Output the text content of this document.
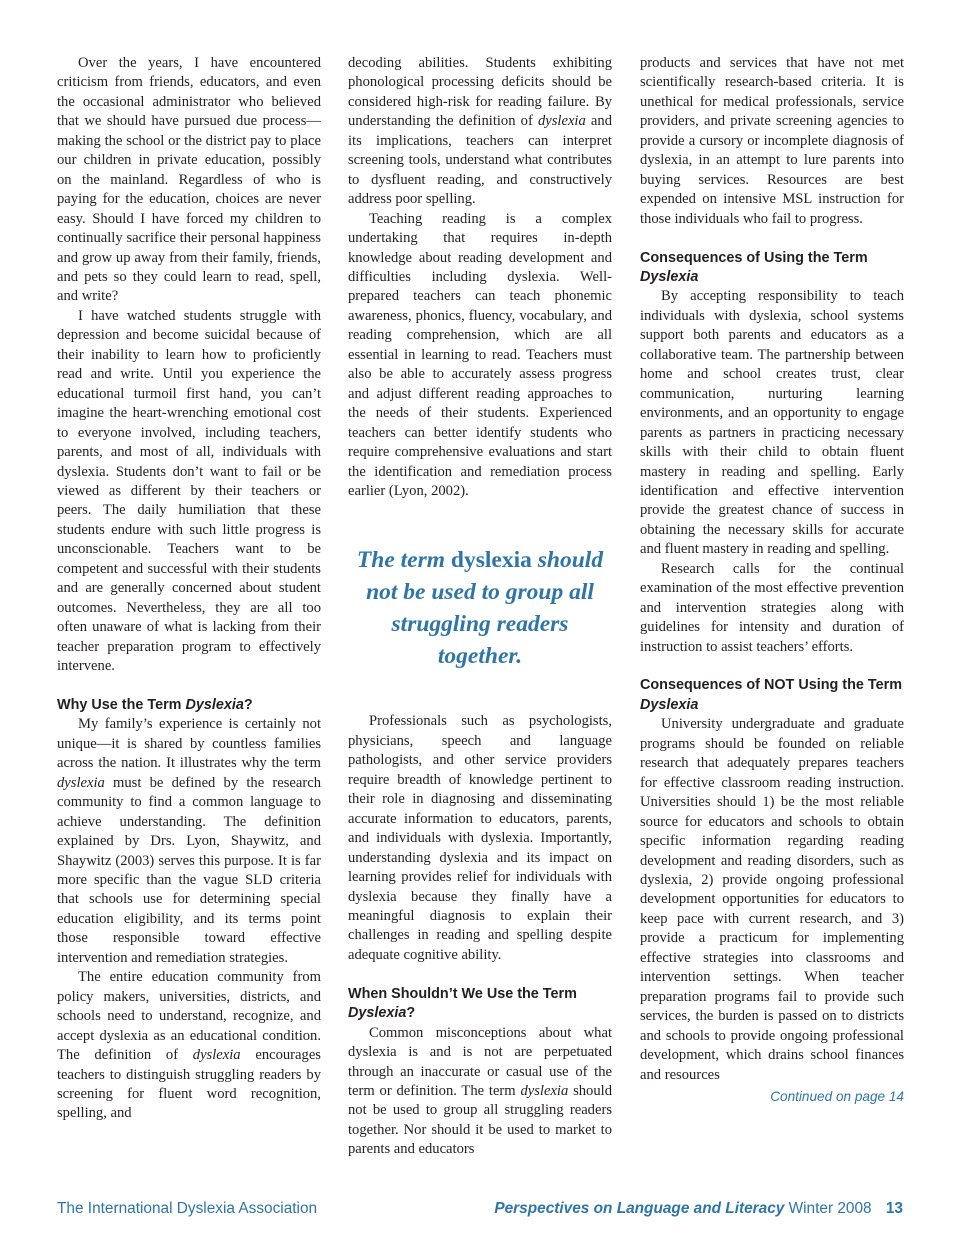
Over the years, I have encountered criticism from friends, educators, and even the occasional administrator who believed that we should have pursued due process—making the school or the district pay to place our children in private education, possibly on the mainland. Regardless of who is paying for the education, choices are never easy. Should I have forced my children to continually sacrifice their personal happiness and grow up away from their family, friends, and pets so they could learn to read, spell, and write?

I have watched students struggle with depression and become suicidal because of their inability to learn how to proficiently read and write. Until you experience the educational turmoil first hand, you can’t imagine the heart-wrenching emotional cost to everyone involved, including teachers, parents, and most of all, individuals with dyslexia. Students don’t want to fail or be viewed as different by their teachers or peers. The daily humiliation that these students endure with such little progress is unconscionable. Teachers want to be competent and successful with their students and are generally concerned about student outcomes. Nevertheless, they are all too often unaware of what is lacking from their teacher preparation program to effectively intervene.

Why Use the Term Dyslexia?

My family’s experience is certainly not unique—it is shared by countless families across the nation. It illustrates why the term dyslexia must be defined by the research community to find a common language to achieve understanding. The definition explained by Drs. Lyon, Shaywitz, and Shaywitz (2003) serves this purpose. It is far more specific than the vague SLD criteria that schools use for determining special education eligibility, and its terms point those responsible toward effective intervention and remediation strategies.

The entire education community from policy makers, universities, districts, and schools need to understand, recognize, and accept dyslexia as an educational condition. The definition of dyslexia encourages teachers to distinguish struggling readers by screening for fluent word recognition, spelling, and

decoding abilities. Students exhibiting phonological processing deficits should be considered high-risk for reading failure. By understanding the definition of dyslexia and its implications, teachers can interpret screening tools, understand what contributes to dysfluent reading, and constructively address poor spelling.

Teaching reading is a complex undertaking that requires in-depth knowledge about reading development and difficulties including dyslexia. Well-prepared teachers can teach phonemic awareness, phonics, fluency, vocabulary, and reading comprehension, which are all essential in learning to read. Teachers must also be able to accurately assess progress and adjust different reading approaches to the needs of their students. Experienced teachers can better identify students who require comprehensive evaluations and start the identification and remediation process earlier (Lyon, 2002).

The term dyslexia should not be used to group all struggling readers together.

Professionals such as psychologists, physicians, speech and language pathologists, and other service providers require breadth of knowledge pertinent to their role in diagnosing and disseminating accurate information to educators, parents, and individuals with dyslexia. Importantly, understanding dyslexia and its impact on learning provides relief for individuals with dyslexia because they finally have a meaningful diagnosis to explain their challenges in reading and spelling despite adequate cognitive ability.

When Shouldn’t We Use the Term Dyslexia?

Common misconceptions about what dyslexia is and is not are perpetuated through an inaccurate or casual use of the term or definition. The term dyslexia should not be used to group all struggling readers together. Nor should it be used to market to parents and educators

products and services that have not met scientifically research-based criteria. It is unethical for medical professionals, service providers, and private screening agencies to provide a cursory or incomplete diagnosis of dyslexia, in an attempt to lure parents into buying services. Resources are best expended on intensive MSL instruction for those individuals who fail to progress.

Consequences of Using the Term Dyslexia

By accepting responsibility to teach individuals with dyslexia, school systems support both parents and educators as a collaborative team. The partnership between home and school creates trust, clear communication, nurturing learning environments, and an opportunity to engage parents as partners in practicing necessary skills with their child to obtain fluent mastery in reading and spelling. Early identification and effective intervention provide the greatest chance of success in obtaining the necessary skills for accurate and fluent mastery in reading and spelling.

Research calls for the continual examination of the most effective prevention and intervention strategies along with guidelines for intensity and duration of instruction to assist teachers’ efforts.

Consequences of NOT Using the Term Dyslexia

University undergraduate and graduate programs should be founded on reliable research that adequately prepares teachers for effective classroom reading instruction. Universities should 1) be the most reliable source for educators and schools to obtain specific information regarding reading development and reading disorders, such as dyslexia, 2) provide ongoing professional development opportunities for educators to keep pace with current research, and 3) provide a practicum for implementing effective strategies into classrooms and intervention settings. When teacher preparation programs fail to provide such services, the burden is passed on to districts and schools to provide ongoing professional development, which drains school finances and resources

Continued on page 14
The International Dyslexia Association	Perspectives on Language and Literacy Winter 2008 13
